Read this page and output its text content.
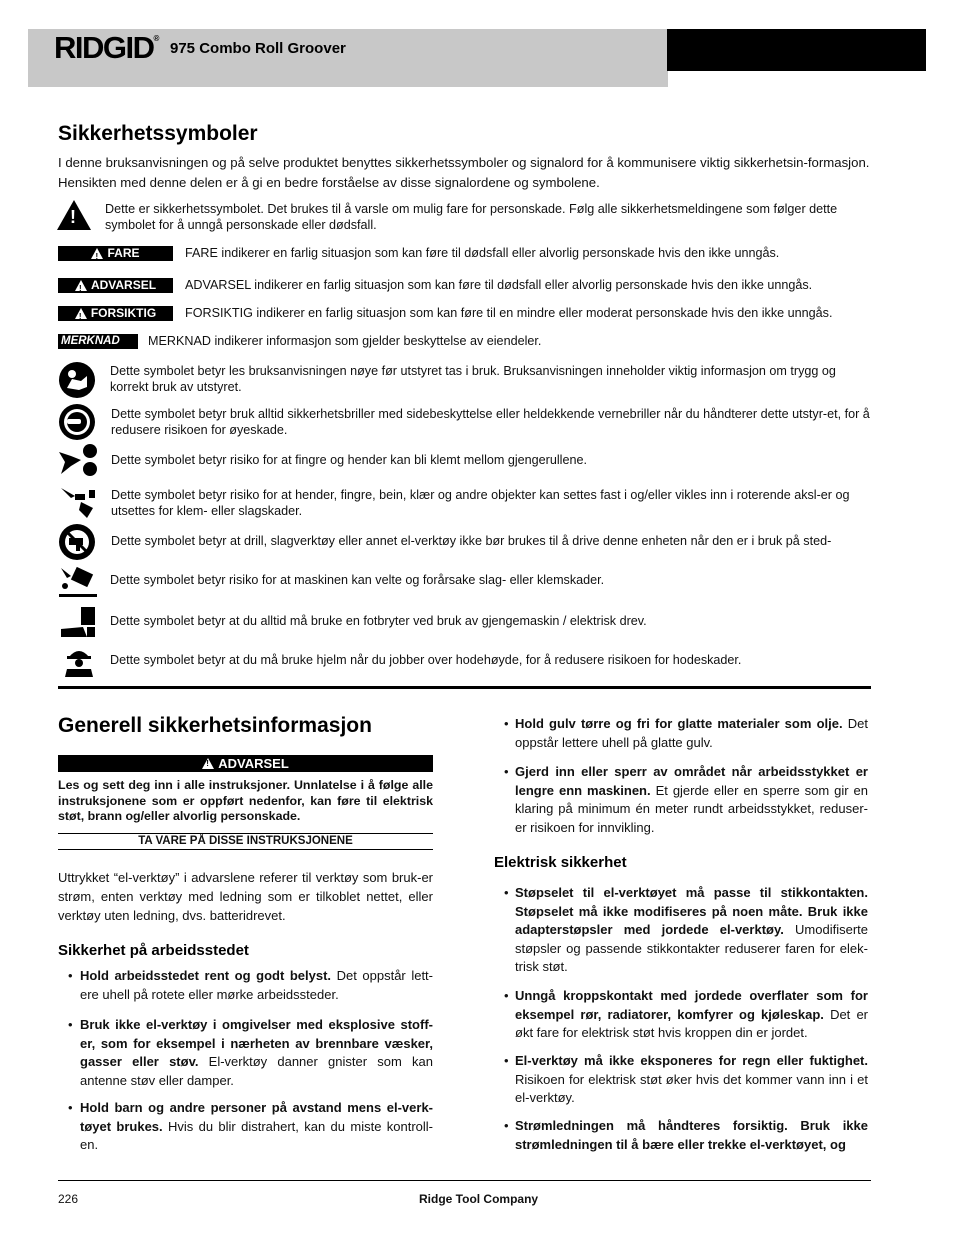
RIDGID®
975 Combo Roll Groover
Sikkerhetssymboler
I denne bruksanvisningen og på selve produktet benyttes sikkerhetssymboler og signalord for å kommunisere viktig sikkerhetsin-formasjon. Hensikten med denne delen er å gi en bedre forståelse av disse signalordene og symbolene.
! Dette er sikkerhetssymbolet. Det brukes til å varsle om mulig fare for personskade. Følg alle sikkerhetsmeldingene som følger dette symbolet for å unngå personskade eller dødsfall.
!
FARE	FARE indikerer en farlig situasjon som kan føre til dødsfall eller alvorlig personskade hvis den ikke unngås.
!
ADVARSEL ADVARSEL indikerer en farlig situasjon som kan føre til dødsfall eller alvorlig personskade hvis den ikke unngås.
!
FORSIKTIG FORSIKTIG indikerer en farlig situasjon som kan føre til en mindre eller moderat personskade hvis den ikke unngås.
MERKNAD	MERKNAD indikerer informasjon som gjelder beskyttelse av eiendeler.
Dette symbolet betyr les bruksanvisningen nøye før utstyret tas i bruk. Bruksanvisningen inneholder viktig informasjon om trygg og korrekt bruk av utstyret.
Dette symbolet betyr bruk alltid sikkerhetsbriller med sidebeskyttelse eller heldekkende vernebriller når du håndterer dette utstyr-et, for å redusere risikoen for øyeskade.
Dette symbolet betyr risiko for at fingre og hender kan bli klemt mellom gjengerullene.
Dette symbolet betyr risiko for at hender, fingre, bein, klær og andre objekter kan settes fast i og/eller vikles inn i roterende aksl-er og utsettes for klem- eller slagskader.
Dette symbolet betyr at drill, slagverktøy eller annet el-verktøy ikke bør brukes til å drive denne enheten når den er i bruk på sted-
Dette symbolet betyr risiko for at maskinen kan velte og forårsake slag- eller klemskader.
Dette symbolet betyr at du alltid må bruke en fotbryter ved bruk av gjengemaskin / elektrisk drev.
Dette symbolet betyr at du må bruke hjelm når du jobber over hodehøyde, for å redusere risikoen for hodeskader.
Generell sikkerhetsinformasjon
!
ADVARSEL
Les og sett deg inn i alle instruksjoner. Unnlatelse i å følge alle instruksjonene som er oppført nedenfor, kan føre til elektrisk støt, brann og/eller alvorlig personskade.
TA VARE PÅ DISSE INSTRUKSJONENE
Uttrykket “el-verktøy” i advarslene referer til verktøy som bruk-er strøm, enten verktøy med ledning som er tilkoblet nettet, eller verktøy uten ledning, dvs. batteridrevet.
Sikkerhet på arbeidsstedet
• Hold arbeidsstedet rent og godt belyst. Det oppstår lett-ere uhell på rotete eller mørke arbeidssteder.
• Bruk ikke el-verktøy i omgivelser med eksplosive stoff-er, som for eksempel i nærheten av brennbare væsker, gasser eller støv. El-verktøy danner gnister som kan antenne støv eller damper.
• Hold barn og andre personer på avstand mens el-verk-tøyet brukes. Hvis du blir distrahert, kan du miste kontroll-en.
• Hold gulv tørre og fri for glatte materialer som olje. Det oppstår lettere uhell på glatte gulv.
• Gjerd inn eller sperr av området når arbeidsstykket er lengre enn maskinen. Et gjerde eller en sperre som gir en klaring på minimum én meter rundt arbeidsstykket, reduser-er risikoen for innvikling.
Elektrisk sikkerhet
• Støpselet til el-verktøyet må passe til stikkontakten. Støpselet må ikke modifiseres på noen måte. Bruk ikke adapterstøpsler med jordede el-verktøy. Umodifiserte støpsler og passende stikkontakter reduserer faren for elek-trisk støt.
• Unngå kroppskontakt med jordede overflater som for eksempel rør, radiatorer, komfyrer og kjøleskap. Det er økt fare for elektrisk støt hvis kroppen din er jordet.
• El-verktøy må ikke eksponeres for regn eller fuktighet. Risikoen for elektrisk støt øker hvis det kommer vann inn i et el-verktøy.
• Strømledningen må håndteres forsiktig. Bruk ikke strømledningen til å bære eller trekke el-verktøyet, og
226	Ridge Tool Company
